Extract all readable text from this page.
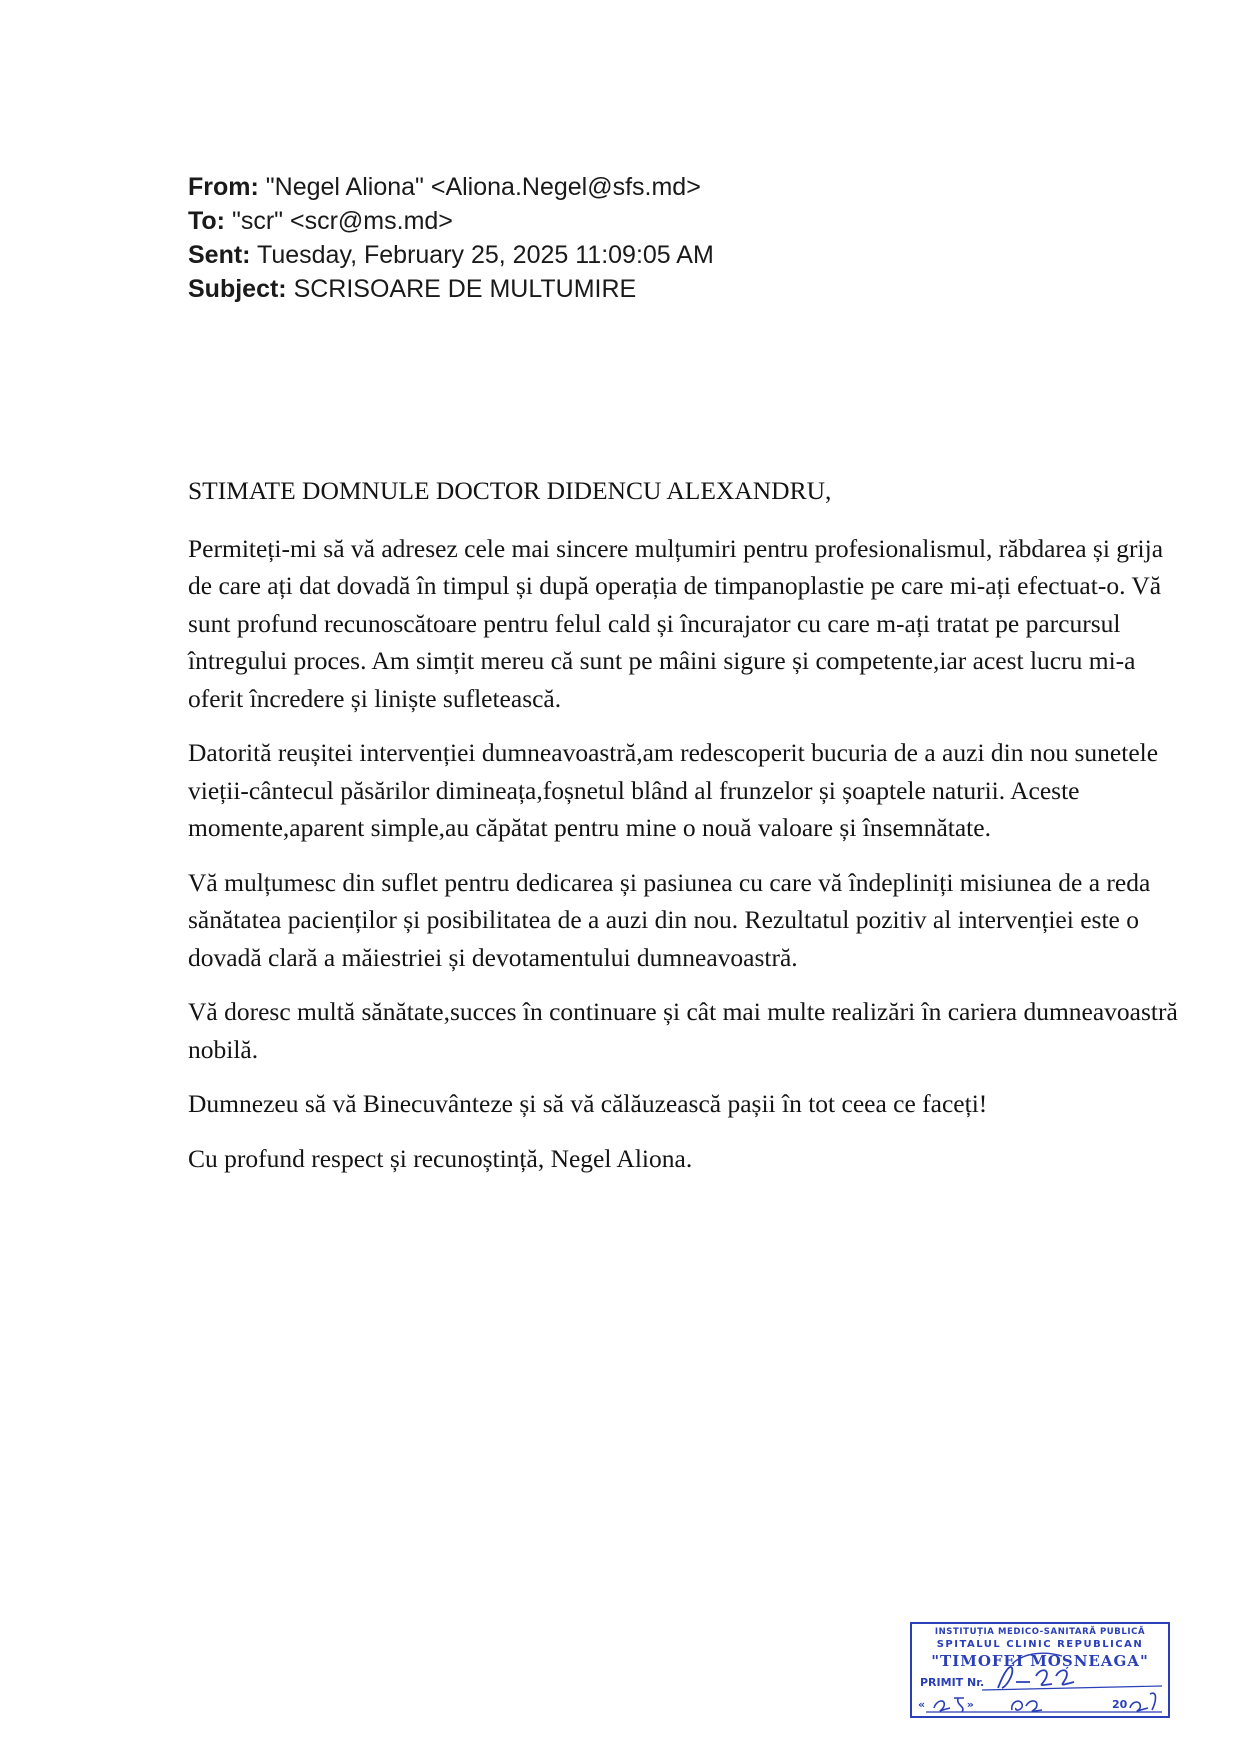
From: "Negel Aliona" <Aliona.Negel@sfs.md>
To: "scr" <scr@ms.md>
Sent: Tuesday, February 25, 2025 11:09:05 AM
Subject: SCRISOARE DE MULTUMIRE

STIMATE DOMNULE DOCTOR DIDENCU ALEXANDRU,

Permiteți-mi să vă adresez cele mai sincere mulțumiri pentru profesionalismul, răbdarea și grija de care ați dat dovadă în timpul și după operația de timpanoplastie pe care mi-ați efectuat-o. Vă sunt profund recunoscătoare pentru felul cald și încurajator cu care m-ați tratat pe parcursul întregului proces. Am simțit mereu că sunt pe mâini sigure și competente,iar acest lucru mi-a oferit încredere și liniște sufletească.

Datorită reușitei intervenției dumneavoastră,am redescoperit bucuria de a auzi din nou sunetele vieții-cântecul păsărilor dimineața,foșnetul blând al frunzelor și șoaptele naturii. Aceste momente,aparent simple,au căpătat pentru mine o nouă valoare și însemnătate.

Vă mulțumesc din suflet pentru dedicarea și pasiunea cu care vă îndepliniți misiunea de a reda sănătatea pacienților și posibilitatea de a auzi din nou. Rezultatul pozitiv al intervenției este o dovadă clară a măiestriei și devotamentului dumneavoastră.

Vă doresc multă sănătate,succes în continuare și cât mai multe realizări în cariera dumneavoastră nobilă.

Dumnezeu să vă Binecuvânteze și să vă călăuzească pașii în tot ceea ce faceți!

Cu profund respect și recunoștință, Negel Aliona.

INSTITUȚIA MEDICO-SANITARĂ PUBLICĂ
SPITALUL CLINIC REPUBLICAN
"TIMOFEI MOȘNEAGA"
PRIMIT Nr.
«	»	20
